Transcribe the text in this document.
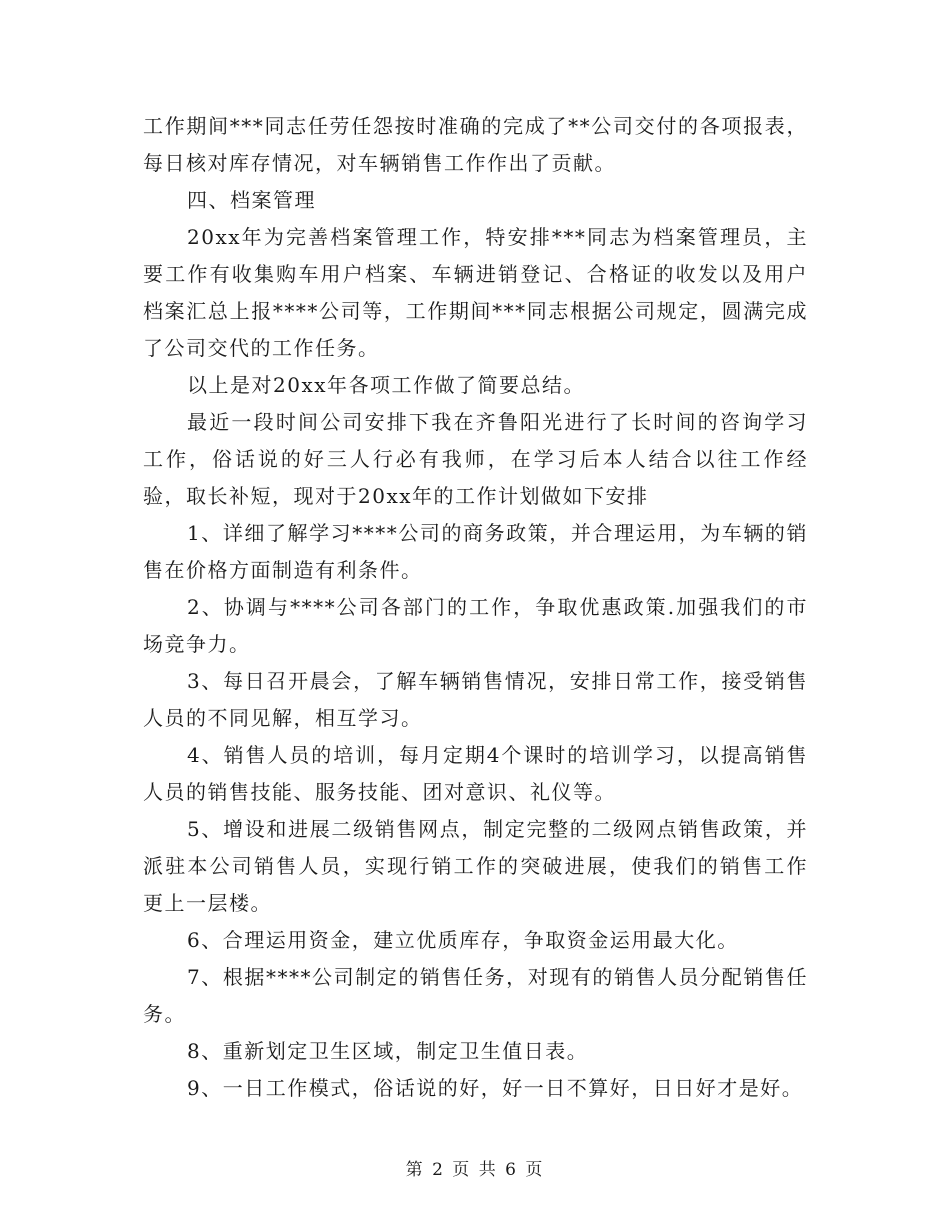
工作期间***同志任劳任怨按时准确的完成了**公司交付的各项报表，每日核对库存情况，对车辆销售工作作出了贡献。

四、档案管理

20xx年为完善档案管理工作，特安排***同志为档案管理员，主要工作有收集购车用户档案、车辆进销登记、合格证的收发以及用户档案汇总上报****公司等，工作期间***同志根据公司规定，圆满完成了公司交代的工作任务。

以上是对20xx年各项工作做了简要总结。

最近一段时间公司安排下我在齐鲁阳光进行了长时间的咨询学习工作，俗话说的好三人行必有我师，在学习后本人结合以往工作经验，取长补短，现对于20xx年的工作计划做如下安排

1、详细了解学习****公司的商务政策，并合理运用，为车辆的销售在价格方面制造有利条件。

2、协调与****公司各部门的工作，争取优惠政策.加强我们的市场竞争力。

3、每日召开晨会，了解车辆销售情况，安排日常工作，接受销售人员的不同见解，相互学习。

4、销售人员的培训，每月定期4个课时的培训学习，以提高销售人员的销售技能、服务技能、团对意识、礼仪等。

5、增设和进展二级销售网点，制定完整的二级网点销售政策，并派驻本公司销售人员，实现行销工作的突破进展，使我们的销售工作更上一层楼。

6、合理运用资金，建立优质库存，争取资金运用最大化。

7、根据****公司制定的销售任务，对现有的销售人员分配销售任务。

8、重新划定卫生区域，制定卫生值日表。

9、一日工作模式，俗话说的好，好一日不算好，日日好才是好。

第 2 页 共 6 页
